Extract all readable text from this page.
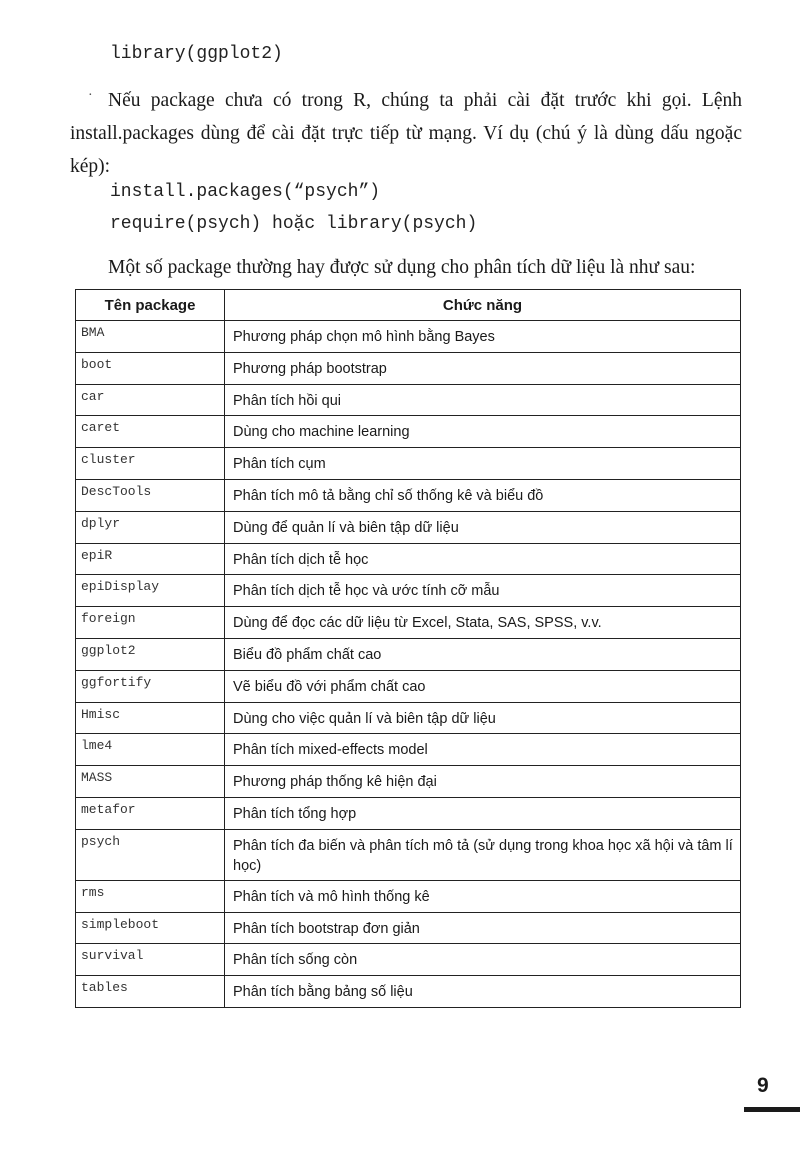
library(ggplot2)
· Nếu package chưa có trong R, chúng ta phải cài đặt trước khi gọi. Lệnh install.packages dùng để cài đặt trực tiếp từ mạng. Ví dụ (chú ý là dùng dấu ngoặc kép):
install.packages(“psych”)
require(psych) hoặc library(psych)
Một số package thường hay được sử dụng cho phân tích dữ liệu là như sau:
Tên package	Chức năng
BMA	Phương pháp chọn mô hình bằng Bayes
boot	Phương pháp bootstrap
car	Phân tích hồi qui
caret	Dùng cho machine learning
cluster	Phân tích cụm
DescTools	Phân tích mô tả bằng chỉ số thống kê và biểu đồ
dplyr	Dùng để quản lí và biên tập dữ liệu
epiR	Phân tích dịch tễ học
epiDisplay	Phân tích dịch tễ học và ước tính cỡ mẫu
foreign	Dùng để đọc các dữ liệu từ Excel, Stata, SAS, SPSS, v.v.
ggplot2	Biểu đồ phẩm chất cao
ggfortify	Vẽ biểu đồ với phẩm chất cao
Hmisc	Dùng cho việc quản lí và biên tập dữ liệu
lme4	Phân tích mixed-effects model
MASS	Phương pháp thống kê hiện đại
metafor	Phân tích tổng hợp
psych	Phân tích đa biến và phân tích mô tả (sử dụng trong khoa học xã hội và tâm lí học)
rms	Phân tích và mô hình thống kê
simpleboot	Phân tích bootstrap đơn giản
survival	Phân tích sống còn
tables	Phân tích bằng bảng số liệu
9
